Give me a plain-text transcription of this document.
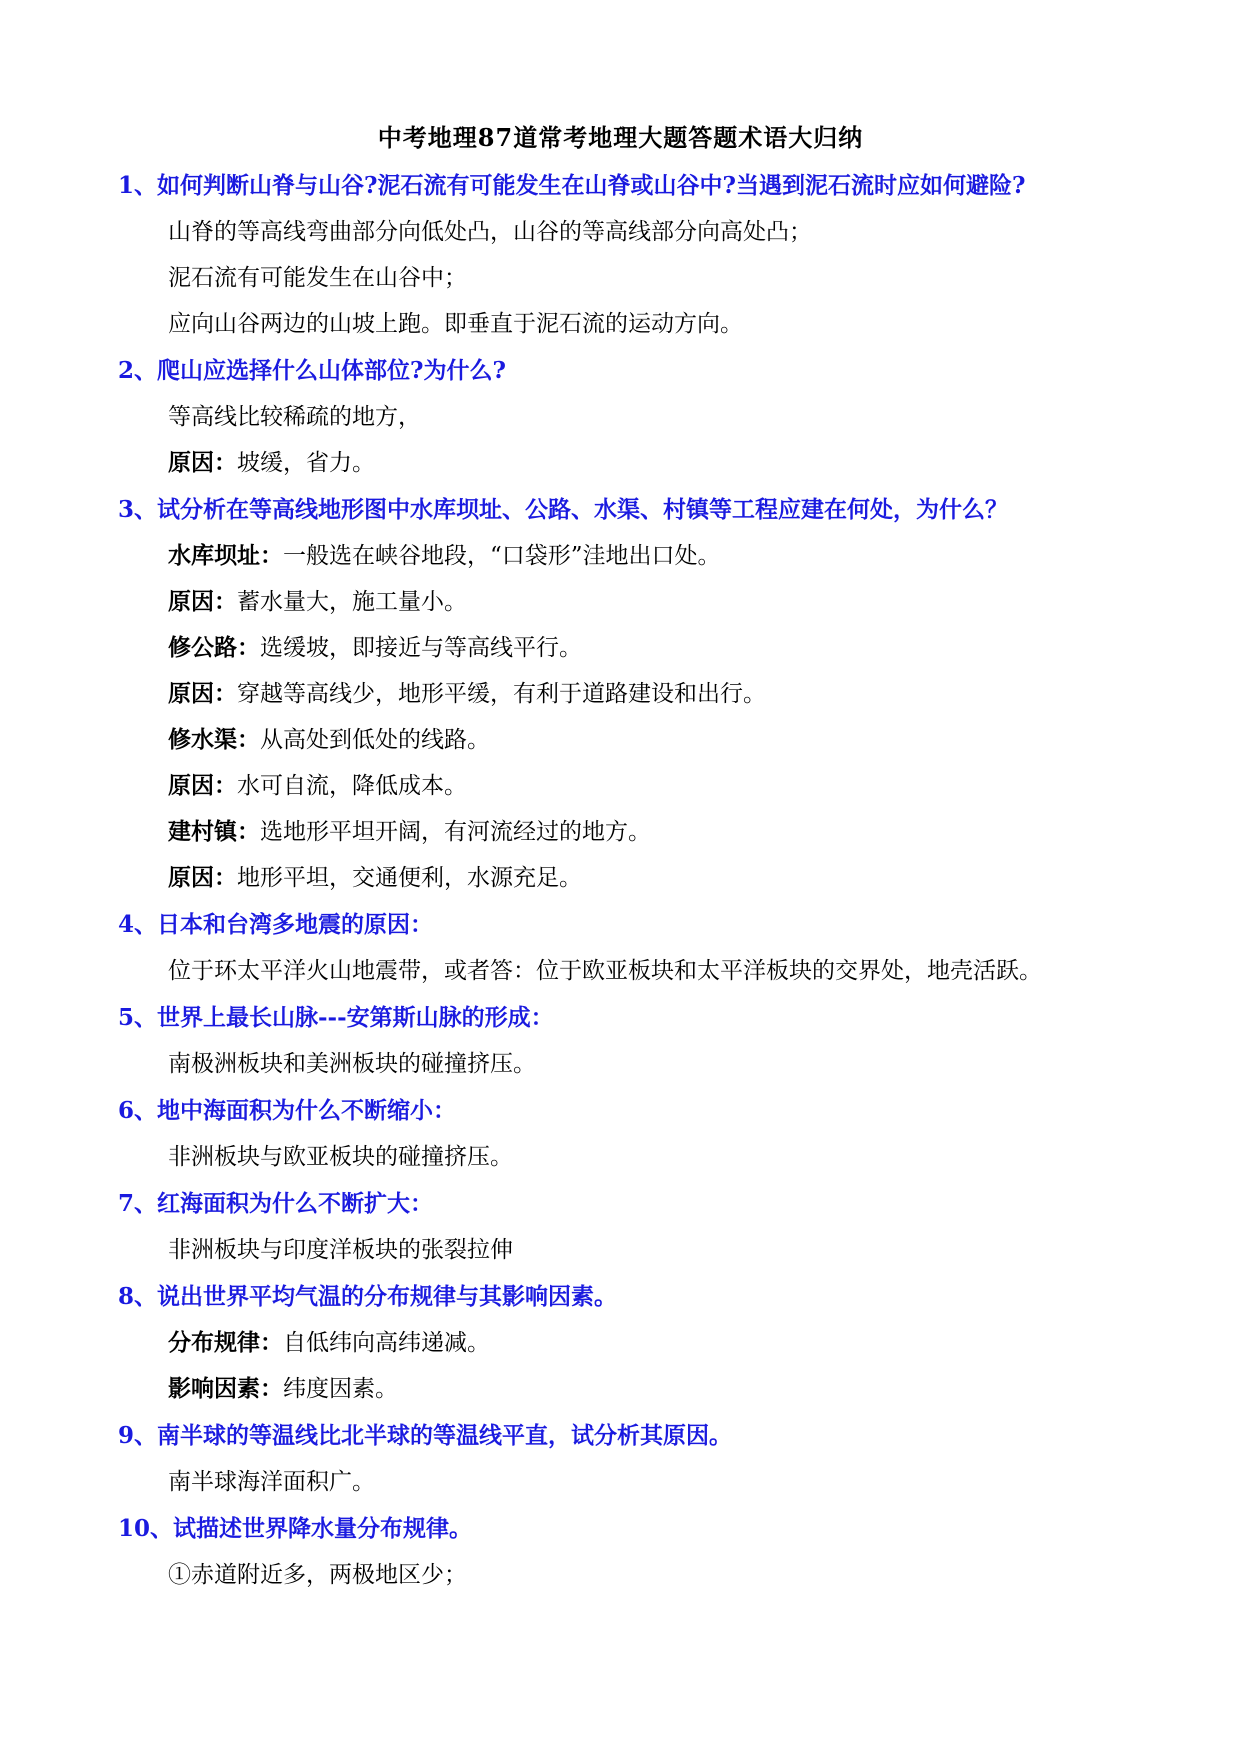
中考地理87道常考地理大题答题术语大归纳
1、如何判断山脊与山谷?泥石流有可能发生在山脊或山谷中?当遇到泥石流时应如何避险?
山脊的等高线弯曲部分向低处凸，山谷的等高线部分向高处凸；
泥石流有可能发生在山谷中；
应向山谷两边的山坡上跑。即垂直于泥石流的运动方向。
2、爬山应选择什么山体部位?为什么?
等高线比较稀疏的地方，
原因：坡缓，省力。
3、试分析在等高线地形图中水库坝址、公路、水渠、村镇等工程应建在何处，为什么？
水库坝址：一般选在峡谷地段，“口袋形”洼地出口处。
原因：蓄水量大，施工量小。
修公路：选缓坡，即接近与等高线平行。
原因：穿越等高线少，地形平缓，有利于道路建设和出行。
修水渠：从高处到低处的线路。
原因：水可自流，降低成本。
建村镇：选地形平坦开阔，有河流经过的地方。
原因：地形平坦，交通便利，水源充足。
4、日本和台湾多地震的原因：
位于环太平洋火山地震带，或者答：位于欧亚板块和太平洋板块的交界处，地壳活跃。
5、世界上最长山脉---安第斯山脉的形成：
南极洲板块和美洲板块的碰撞挤压。
6、地中海面积为什么不断缩小：
非洲板块与欧亚板块的碰撞挤压。
7、红海面积为什么不断扩大：
非洲板块与印度洋板块的张裂拉伸
8、说出世界平均气温的分布规律与其影响因素。
分布规律：自低纬向高纬递减。
影响因素：纬度因素。
9、南半球的等温线比北半球的等温线平直，试分析其原因。
南半球海洋面积广。
10、试描述世界降水量分布规律。
①赤道附近多，两极地区少；
